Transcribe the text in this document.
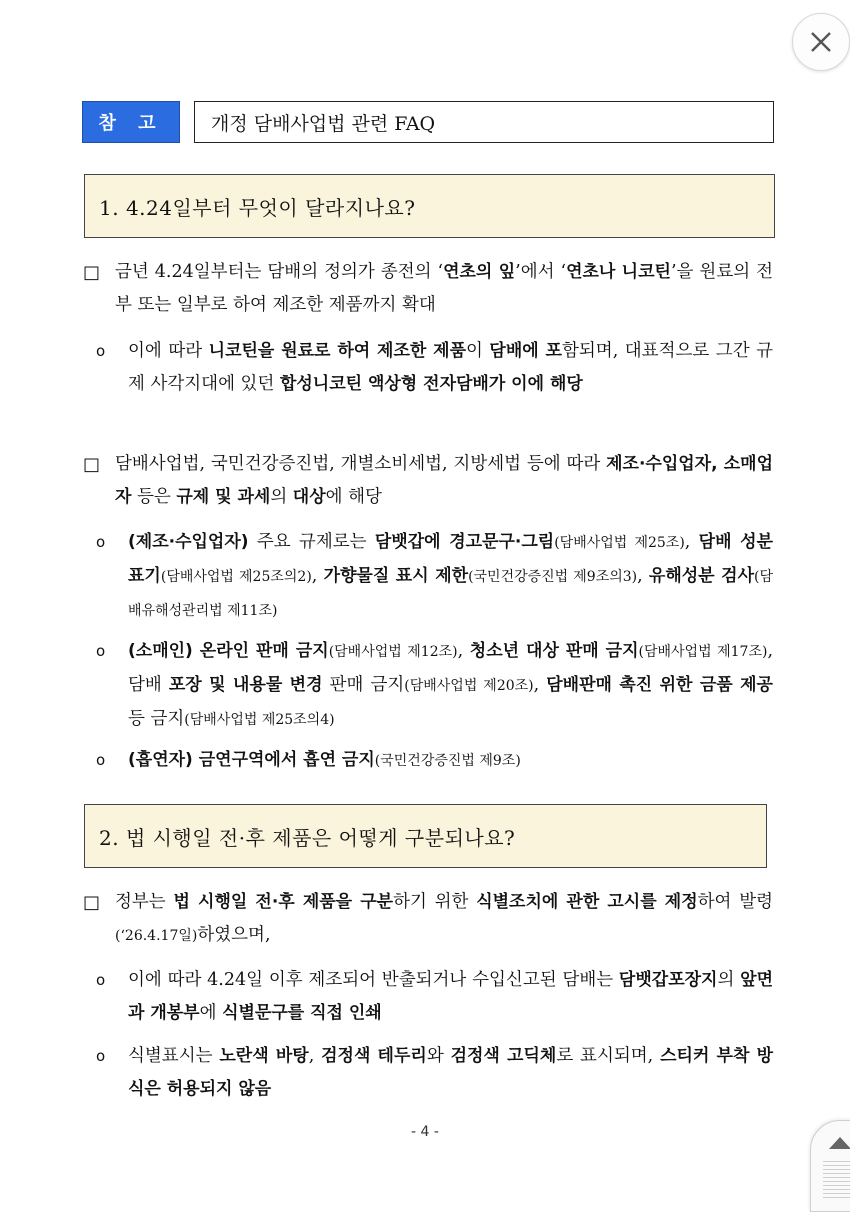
참 고	개정 담배사업법 관련 FAQ
1. 4.24일부터 무엇이 달라지나요?
□ 금년 4.24일부터는 담배의 정의가 종전의 ‘연초의 잎’에서 ‘연초나 니코틴’을 원료의 전부 또는 일부로 하여 제조한 제품까지 확대
o	이에 따라 니코틴을 원료로 하여 제조한 제품이 담배에 포함되며, 대표적으로 그간 규제 사각지대에 있던 합성니코틴 액상형 전자담배가 이에 해당
□ 담배사업법, 국민건강증진법, 개별소비세법, 지방세법 등에 따라 제조·수입업자, 소매업자 등은 규제 및 과세의 대상에 해당
o	(제조·수입업자) 주요 규제로는 담뱃갑에 경고문구·그림(담배사업법 제25조), 담배 성분 표기(담배사업법 제25조의2), 가향물질 표시 제한(국민건강증진법 제9조의3), 유해성분 검사(담배유해성관리법 제11조)
o	(소매인) 온라인 판매 금지(담배사업법 제12조), 청소년 대상 판매 금지(담배사업법 제17조), 담배 포장 및 내용물 변경 판매 금지(담배사업법 제20조), 담배판매 촉진 위한 금품 제공 등 금지(담배사업법 제25조의4)
o	(흡연자) 금연구역에서 흡연 금지(국민건강증진법 제9조)
2. 법 시행일 전·후 제품은 어떻게 구분되나요?
□ 정부는 법 시행일 전·후 제품을 구분하기 위한 식별조치에 관한 고시를 제정하여 발령(‘26.4.17일)하였으며,
o	이에 따라 4.24일 이후 제조되어 반출되거나 수입신고된 담배는 담뱃갑포장지의 앞면과 개봉부에 식별문구를 직접 인쇄
o	식별표시는 노란색 바탕, 검정색 테두리와 검정색 고딕체로 표시되며, 스티커 부착 방식은 허용되지 않음
- 4 -
